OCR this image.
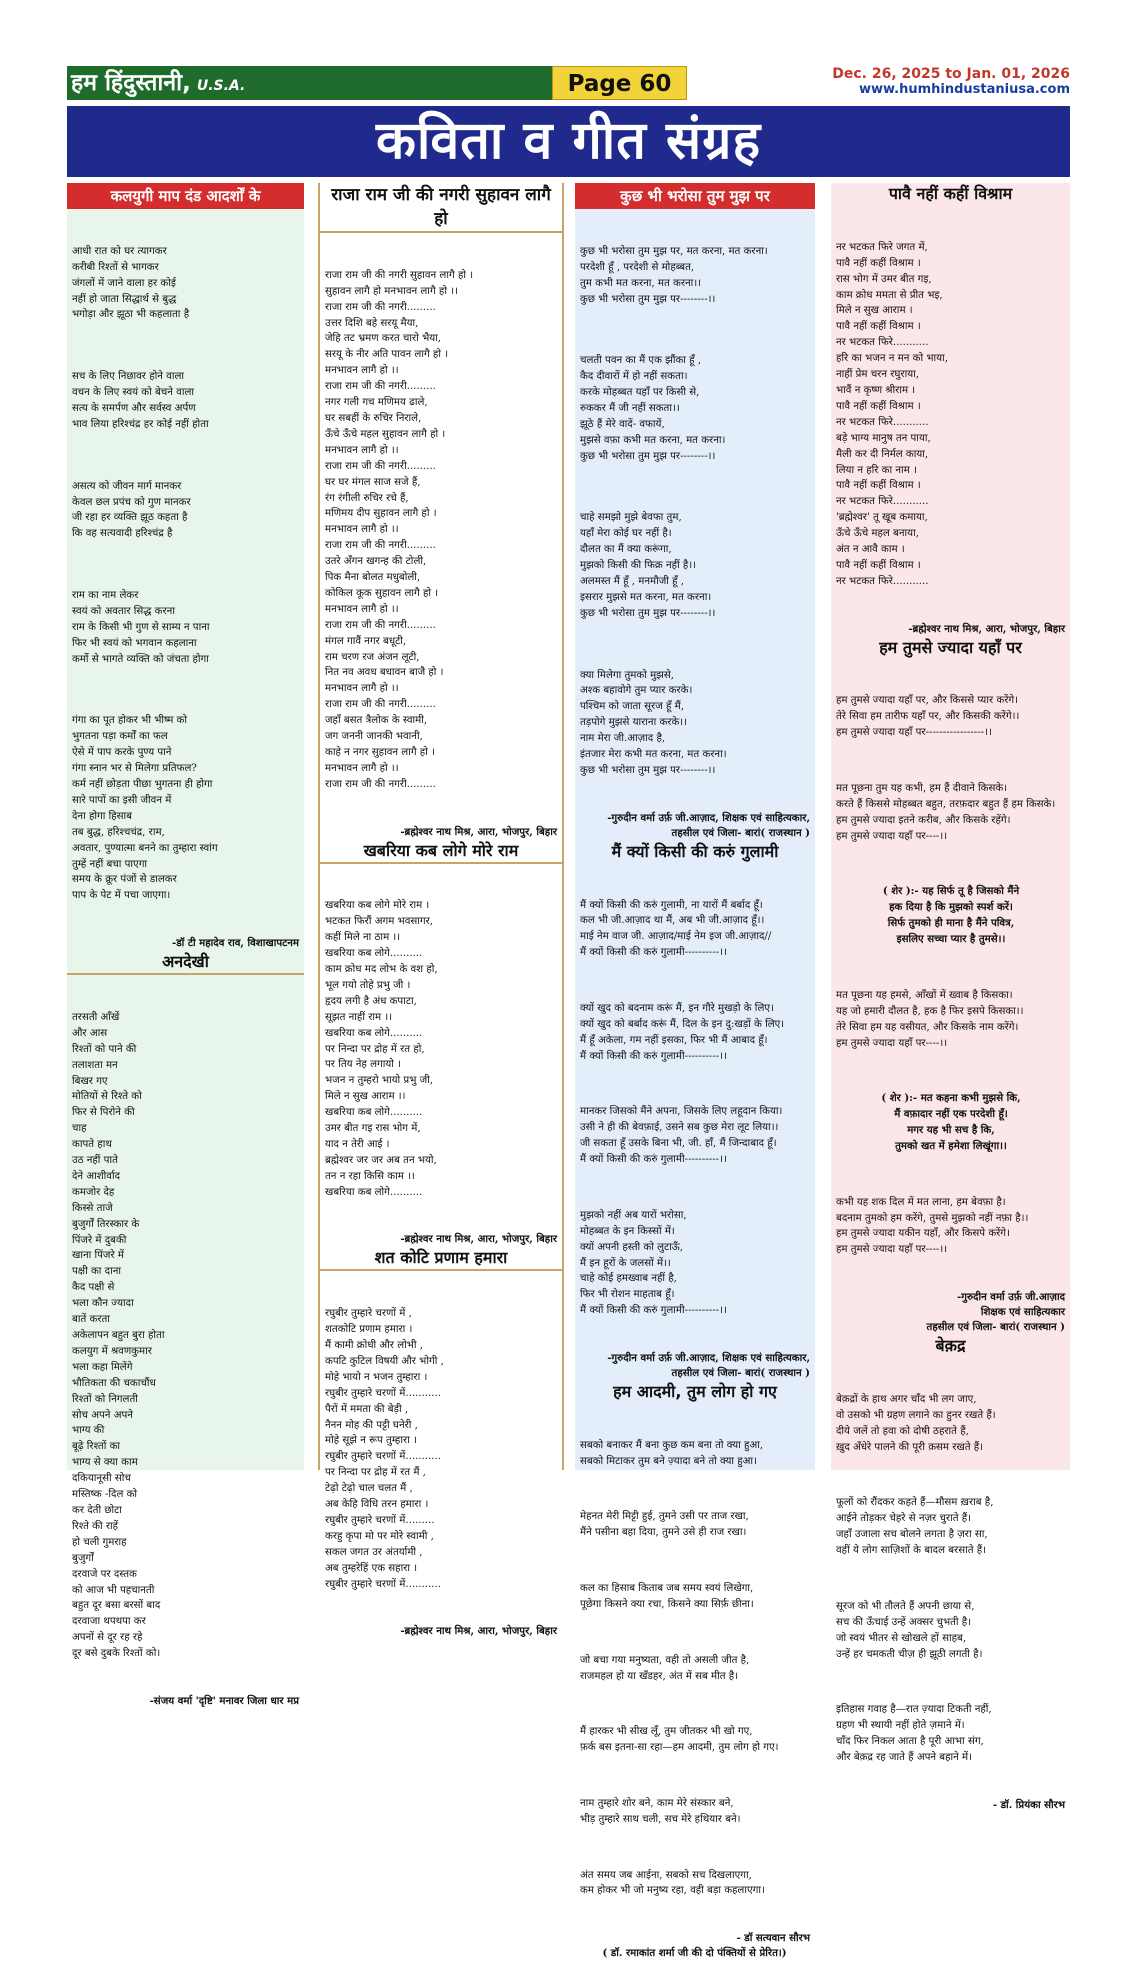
हम हिंदुस्तानी, U.S.A.	Page 60	Dec. 26, 2025 to Jan. 01, 2026
www.humhindustaniusa.com
कविता व गीत संग्रह
कलयुगी माप दंड आदर्शों के

आधी रात को घर त्यागकर
करीबी रिश्तों से भागकर
जंगलों में जाने वाला हर कोई
नहीं हो जाता सिद्धार्थ से बुद्ध
भगोड़ा और झूठा भी कहलाता है

सच के लिए निछावर होने वाला
वचन के लिए स्वयं को बेचने वाला
सत्य के समर्पण और सर्वस्व अर्पण
भाव लिया हरिश्चंद्र हर कोई नहीं होता

असत्य को जीवन मार्ग मानकर
केवल छल प्रपंच को गुण मानकर
जी रहा हर व्यक्ति झूठ कहता है
कि वह सत्यवादी हरिश्चंद्र है

राम का नाम लेकर
स्वयं को अवतार सिद्ध करना
राम के किसी भी गुण से साम्य न पाना
फिर भी स्वयं को भगवान कहलाना
कर्मो से भागते व्यक्ति को जंचता होगा

गंगा का पूत होकर भी भीष्म को
भुगतना पड़ा कर्मों का फल
ऐसे में पाप करके पुण्य पाने
गंगा स्नान भर से मिलेगा प्रतिफल?
कर्म नहीं छोड़ता पीछा भुगतना ही होगा
सारे पापों का इसी जीवन में
देना होगा हिसाब
तब बुद्ध, हरिश्चचंद्र, राम,
अवतार, पुण्यात्मा बनने का तुम्हारा स्वांग
तुम्हें नहीं बचा पाएगा
समय के क्रूर पंजों से डालकर
पाप के पेट में पचा जाएगा।

-डॉ टी महादेव राव, विशाखापटनम
अनदेखी

तरसती आँखें
और आस
रिश्तों को पाने की
तलाशता मन
बिखर गए
मोतियों से रिश्ते को
फिर से पिरोने की
चाह
कापते हाथ
उठ नहीं पाते
देने आशीर्वाद
कमजोर देह
किस्से ताजे
बुजुर्गों तिरस्कार के
पिंजरे में दुबकी
खाना पिंजरे में
पक्षी का दाना
कैद पक्षी से
भला कौन ज्यादा
बातें करता
अकेलापन बहुत बुरा होता
कलयुग में श्रवणकुमार
भला कहा मिलेंगे
भौतिकता की चकाचौंध
रिश्तों को निगलती
सोच अपने अपने
भाग्य की
बूढ़े रिश्तों का
भाग्य से क्या काम
दकियानूसी सोच
मस्तिष्क -दिल को
कर देती छोटा
रिश्ते की राहें
हो चली गुमराह
बुजुर्गों
दरवाजे पर दस्तक
को आज भी पहचानती
बहुत दूर बसा बरसों बाद
दरवाजा थपथपा कर
अपनों से दूर रह रहे
दूर बसे दुबके रिश्तों को।

-संजय वर्मा 'दृष्टि' मनावर जिला धार मप्र
राजा राम जी की नगरी सुहावन लागै हो

राजा राम जी की नगरी सुहावन लागै हो ।
सुहावन लागै हो मनभावन लागै हो ।।
राजा राम जी की नगरी.........
उत्तर दिशि बहे सरयू मैया,
जेहि तट भ्रमण करत चारो भैया,
सरयू के नीर अति पावन लागै हो ।
मनभावन लागै हो ।।
राजा राम जी की नगरी.........
नगर गली गच मणिमय ढाले,
घर सबहीं के रुचिर निराले,
ऊँचे ऊँचे महल सुहावन लागै हो ।
मनभावन लागै हो ।।
राजा राम जी की नगरी.........
घर घर मंगल साज सजे हैं,
रंग रंगीली रुचिर रचे हैं,
मणिमय दीप सुहावन लागै हो ।
मनभावन लागै हो ।।
राजा राम जी की नगरी.........
उतरे अँगन खगन्ह की टोली,
पिक मैना बोलत मधुबोली,
कोकिल कूक सुहावन लागै हो ।
मनभावन लागै हो ।।
राजा राम जी की नगरी.........
मंगल गावैं नगर बधूटी,
राम चरण रज अंजन लूटी,
नित नव अवध बधावन बाजै हो ।
मनभावन लागै हो ।।
राजा राम जी की नगरी.........
जहाँ बसत त्रैलोक के स्वामी,
जग जननी जानकी भवानी,
काहे न नगर सुहावन लागै हो ।
मनभावन लागै हो ।।
राजा राम जी की नगरी.........

-ब्रह्मेश्वर नाथ मिश्र, आरा, भोजपुर, बिहार
खबरिया कब लोगे मोरे राम

खबरिया कब लोगे मोरे राम ।
भटकत फिरौं अगम भवसागर,
कहीं मिले ना ठाम ।।
खबरिया कब लोगे..........
काम क्रोध मद लोभ के वश हो,
भूल गयो तोहे प्रभु जी ।
हृदय लगी है अंध कपाटा,
सूझत नाहीं राम ।।
खबरिया कब लोगे..........
पर निन्दा पर द्रोह में रत हो,
पर तिय नेह लगायो ।
भजन न तुम्हरो भायो प्रभु जी,
मिले न सुख आराम ।।
खबरिया कब लोगे..........
उमर बीत गइ रास भोग में,
याद न तेरी आई ।
ब्रह्मेश्वर जर जर अब तन भयो,
तन न रहा किसि काम ।।
खबरिया कब लोगे..........

-ब्रह्मेश्वर नाथ मिश्र, आरा, भोजपुर, बिहार
शत कोटि प्रणाम हमारा

रघुबीर तुम्हारे चरणों में ,
शतकोटि प्रणाम हमारा ।
मैं कामी क्रोधी और लोभी ,
कपटि कुटिल विषयी और भोगी ,
मोहे भायो न भजन तुम्हारा ।
रघुबीर तुम्हारे चरणों में...........
पैरों में ममता की बेड़ी ,
नैनन मोह की पट्टी घनेरी ,
मोहे सूझे न रूप तुम्हारा ।
रघुबीर तुम्हारे चरणों में...........
पर निन्दा पर द्रोह में रत मैं ,
टेढ़ो टेढ़ो चाल चलत मैं ,
अब केहि विधि तरन हमारा ।
रघुबीर तुम्हारे चरणों में.........
करहु कृपा मो पर मोरे स्वामी ,
सकल जगत उर अंतर्यामी ,
अब तुम्हरेहिं एक सहारा ।
रघुबीर तुम्हारे चरणों में...........

-ब्रह्मेश्वर नाथ मिश्र, आरा, भोजपुर, बिहार
कुछ भी भरोसा तुम मुझ पर

कुछ भी भरोसा तुम मुझ पर, मत करना, मत करना।
परदेशी हूँ , परदेशी से मोहब्बत,
तुम कभी मत करना, मत करना।।
कुछ भी भरोसा तुम मुझ पर--------।।

चलती पवन का मैं एक झौंका हूँ ,
कैद दीवारों में हो नहीं सकता।
करके मोहब्बत यहाँ पर किसी से,
रुककर मैं जी नहीं सकता।।
झूठे हैं मेरे वादें- वफायें,
मुझसे वफ़ा कभी मत करना, मत करना।
कुछ भी भरोसा तुम मुझ पर--------।।

चाहे समझो मुझे बेवफा तुम,
यहाँ मेरा कोई घर नहीं है।
दौलत का मैं क्या करूंगा,
मुझको किसी की फिक्र नहीं है।।
अलमस्त मैं हूँ , मनमौजी हूँ ,
इसरार मुझसे मत करना, मत करना।
कुछ भी भरोसा तुम मुझ पर--------।।

क्या मिलेगा तुमको मुझसे,
अश्क बहावोगे तुम प्यार करके।
पश्चिम को जाता सूरज हूँ मैं,
तड़पोगे मुझसे याराना करके।।
नाम मेरा जी.आज़ाद है,
इंतजार मेरा कभी मत करना, मत करना।
कुछ भी भरोसा तुम मुझ पर--------।।

-गुरुदीन वर्मा उर्फ़ जी.आज़ाद, शिक्षक एवं साहित्यकार, तहसील एवं जिला- बारां( राजस्थान )
मैं क्यों किसी की करुं गुलामी

मैं क्यों किसी की करुं गुलामी, ना यारों मैं बर्बाद हूँ।
कल भी जी.आज़ाद था मैं, अब भी जी.आज़ाद हूँ।।
माई नेम वाज जी. आज़ाद/माई नेम इज जी.आज़ाद//
मैं क्यों किसी की करुं गुलामी----------।।

क्यों खुद को बदनाम करूं मैं, इन गौरे मुखड़ो के लिए।
क्यों खुद को बर्बाद करूं मैं, दिल के इन दु:खड़ों के लिए।
मैं हूँ अकेला, गम नहीं इसका, फिर भी मैं आबाद हूँ।
मैं क्यों किसी की करुं गुलामी----------।।

मानकर जिसको मैंने अपना, जिसके लिए लहूदान किया।
उसी ने ही की बेवफ़ाई, उसने सब कुछ मेरा लूट लिया।।
जी सकता हूँ उसके बिना भी, जी. हाँ, मैं जिन्दाबाद हूँ।
मैं क्यों किसी की करुं गुलामी----------।।

मुझको नहीं अब यारों भरोसा,
मोहब्बत के इन किस्सों में।
क्यों अपनी हस्ती को लुटाऊँ,
मैं इन हूरों के जलसों में।।
चाहे कोई हमख्वाब नहीं है,
फिर भी रोशन माहताब हूँ।
मैं क्यों किसी की करुं गुलामी----------।।

-गुरुदीन वर्मा उर्फ़ जी.आज़ाद, शिक्षक एवं साहित्यकार, तहसील एवं जिला- बारां( राजस्थान )
हम आदमी, तुम लोग हो गए

सबको बनाकर मैं बना कुछ कम बना तो क्या हुआ,
सबको मिटाकर तुम बने ज़्यादा बने तो क्या हुआ।

मेहनत मेरी मिट्टी हुई, तुमने उसी पर ताज रखा,
मैंने पसीना बहा दिया, तुमने उसे ही राज रखा।

कल का हिसाब किताब जब समय स्वयं लिखेगा,
पूछेगा किसने क्या रचा, किसने क्या सिर्फ़ छीना।

जो बचा गया मनुष्यता, वही तो असली जीत है,
राजमहल हो या खँडहर, अंत में सब मीत है।

मैं हारकर भी सीख लूँ, तुम जीतकर भी खो गए,
फ़र्क बस इतना-सा रहा—हम आदमी, तुम लोग हो गए।

नाम तुम्हारे शोर बने, काम मेरे संस्कार बने,
भीड़ तुम्हारे साथ चली, सच मेरे हथियार बने।

अंत समय जब आईना, सबको सच दिखलाएगा,
कम होकर भी जो मनुष्य रहा, वही बड़ा कहलाएगा।

- डॉ सत्यवान सौरभ
( डॉ. रमाकांत शर्मा जी की दो पंक्तियों से प्रेरित।)
पावै नहीं कहीं विश्राम

नर भटकत फिरे जगत में,
पावै नहीं कहीं विश्राम ।
रास भोग में उमर बीत गइ,
काम क्रोध ममता से प्रीत भइ,
मिले न सुख आराम ।
पावै नहीं कहीं विश्राम ।
नर भटकत फिरे...........
हरि का भजन न मन को भाया,
नाहीं प्रेम चरन रघुराया,
भावैं न कृष्ण श्रीराम ।
पावै नहीं कहीं विश्राम ।
नर भटकत फिरे...........
बड़े भाग्य मानुष तन पाया,
मैली कर दी निर्मल काया,
लिया न हरि का नाम ।
पावै नहीं कहीं विश्राम ।
नर भटकत फिरे...........
'ब्रह्मेश्वर' तू खूब कमाया,
ऊँचे ऊँचे महल बनाया,
अंत न आवै काम ।
पावै नहीं कहीं विश्राम ।
नर भटकत फिरे...........

-ब्रह्मेश्वर नाथ मिश्र, आरा, भोजपुर, बिहार
हम तुमसे ज्यादा यहाँ पर

हम तुमसे ज्यादा यहाँ पर, और किससे प्यार करेंगे।
तेरे सिवा हम तारीफ यहाँ पर, और किसकी करेंगे।।
हम तुमसे ज्यादा यहाँ पर-----------------।।

मत पूछना तुम यह कभी, हम हैं दीवाने किसके।
करते हैं किससे मोहब्बत बहुत, तरफ़दार बहुत हैं हम किसके।
हम तुमसे ज्यादा इतने करीब, और किसके रहेंगे।
हम तुमसे ज्यादा यहाँ पर----।।

( शेर ):- यह सिर्फ तू है जिसको मैंने
हक दिया है कि मुझको स्पर्श करें।
सिर्फ तुमको ही माना है मैंने पवित्र,
इसलिए सच्चा प्यार है तुमसे।।

मत पूछना यह हमसे, आँखों में ख्वाब है किसका।
यह जो हमारी दौलत है, हक है फिर इसपे किसका।।
तेरे सिवा हम यह वसीयत, और किसके नाम करेंगे।
हम तुमसे ज्यादा यहाँ पर----।।

( शेर ):- मत कहना कभी मुझसे कि,
मैं वफ़ादार नहीं एक परदेशी हूँ।
मगर यह भी सच है कि,
तुमको खत में हमेशा लिखूंगा।।

कभी यह शक दिल में मत लाना, हम बेवफ़ा है।
बदनाम तुमको हम करेंगे, तुमसे मुझको नहीं नफ़ा है।।
हम तुमसे ज्यादा यकीन यहाँ, और किसपे करेंगे।
हम तुमसे ज्यादा यहाँ पर----।।

-गुरुदीन वर्मा उर्फ़ जी.आज़ाद
शिक्षक एवं साहित्यकार
तहसील एवं जिला- बारां( राजस्थान )
बेक़द्र

बेक़द्रों के हाथ अगर चाँद भी लग जाए,
वो उसको भी ग्रहण लगाने का हुनर रखते हैं।
दीये जलें तो हवा को दोषी ठहराते हैं,
ख़ुद अँधेरे पालने की पूरी क़सम रखते हैं।

फूलों को रौंदकर कहते हैं—मौसम ख़राब है,
आईने तोड़कर चेहरे से नज़र चुराते हैं।
जहाँ उजाला सच बोलने लगता है ज़रा सा,
वहीं ये लोग साज़िशों के बादल बरसाते हैं।

सूरज को भी तौलते हैं अपनी छाया से,
सच की ऊँचाई उन्हें अक्सर चुभती है।
जो स्वयं भीतर से खोखले हों साहब,
उन्हें हर चमकती चीज़ ही झूठी लगती है।

इतिहास गवाह है—रात ज़्यादा टिकती नहीं,
ग्रहण भी स्थायी नहीं होते ज़माने में।
चाँद फिर निकल आता है पूरी आभा संग,
और बेक़द्र रह जाते हैं अपने बहाने में।

- डॉ. प्रियंका सौरभ
